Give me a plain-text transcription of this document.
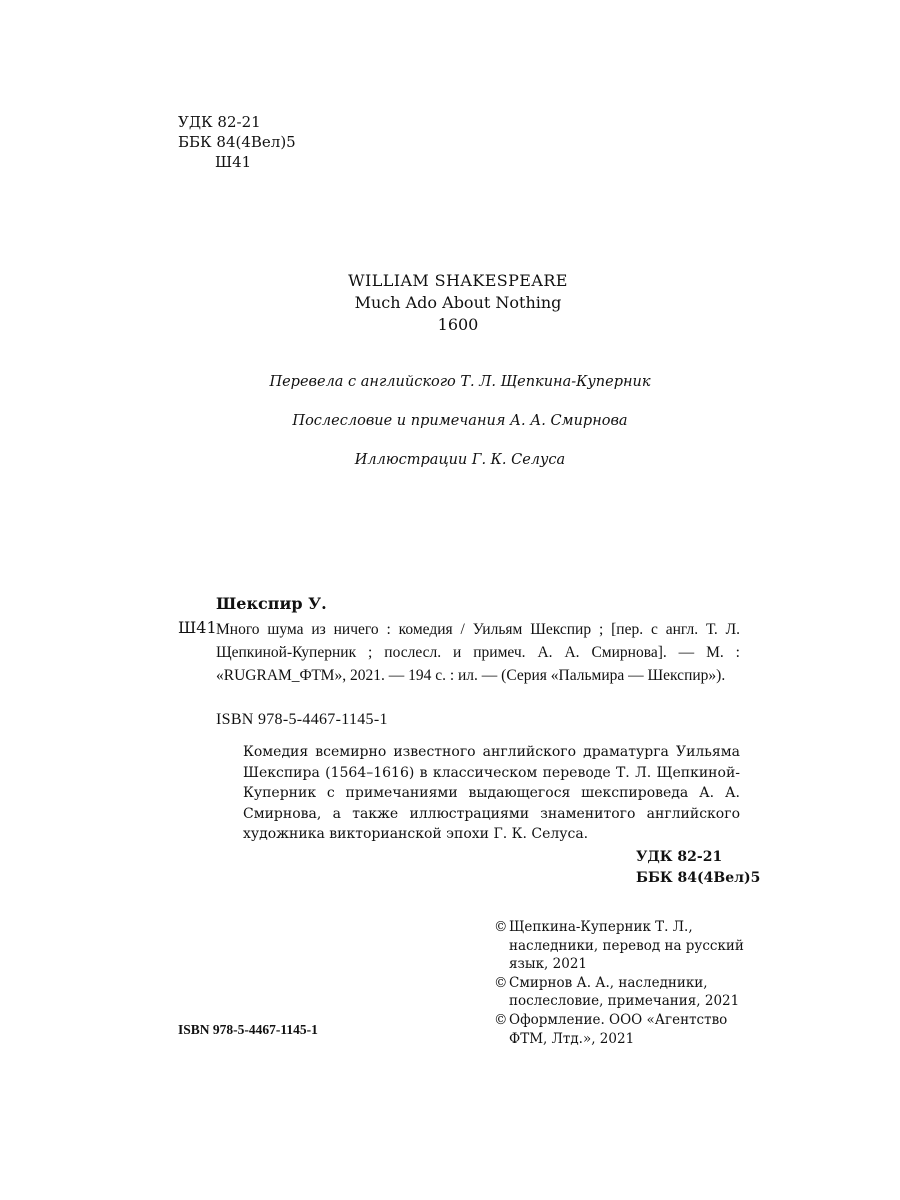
УДК 82-21
ББК 84(4Вел)5
Ш41
WILLIAM SHAKESPEARE
Much Ado About Nothing
1600
Перевела с английского Т. Л. Щепкина-Куперник
Послесловие и примечания А. А. Смирнова
Иллюстрации Г. К. Селуса
Шекспир У.
Ш41 Много шума из ничего : комедия / Уильям Шекспир ; [пер. с англ. Т. Л. Щепкиной-Куперник ; послесл. и примеч. А. А. Смирнова]. — М. : «RUGRAM_ФТМ», 2021. — 194 с. : ил. — (Серия «Пальмира — Шекспир»).
ISBN 978-5-4467-1145-1
Комедия всемирно известного английского драматурга Уильяма Шекспира (1564–1616) в классическом переводе Т. Л. Щепкиной-Куперник с примечаниями выдающегося шекспироведа А. А. Смирнова, а также иллюстрациями знаменитого английского художника викторианской эпохи Г. К. Селуса.
УДК 82-21
ББК 84(4Вел)5
© Щепкина-Куперник Т. Л., наследники, перевод на русский язык, 2021
© Смирнов А. А., наследники, послесловие, примечания, 2021
© Оформление. ООО «Агентство ФТМ, Лтд.», 2021
ISBN 978-5-4467-1145-1
